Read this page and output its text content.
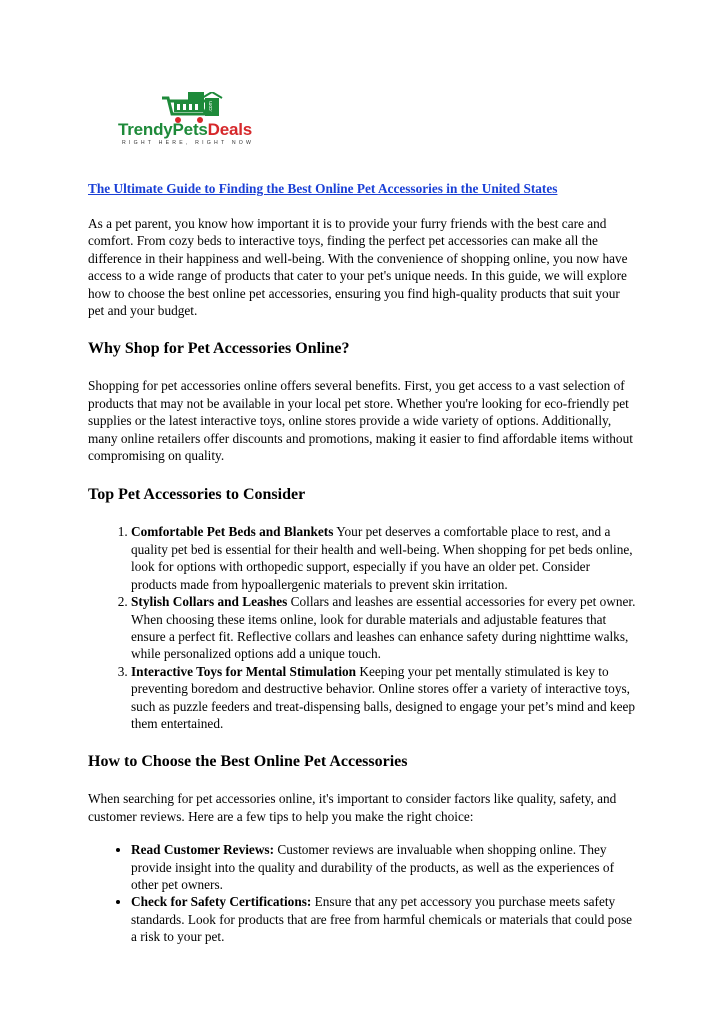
.com
TrendyPetsDeals
RIGHT HERE, RIGHT NOW
The Ultimate Guide to Finding the Best Online Pet Accessories in the United States

As a pet parent, you know how important it is to provide your furry friends with the best care and comfort. From cozy beds to interactive toys, finding the perfect pet accessories can make all the difference in their happiness and well-being. With the convenience of shopping online, you now have access to a wide range of products that cater to your pet's unique needs. In this guide, we will explore how to choose the best online pet accessories, ensuring you find high-quality products that suit your pet and your budget.

Why Shop for Pet Accessories Online?

Shopping for pet accessories online offers several benefits. First, you get access to a vast selection of products that may not be available in your local pet store. Whether you're looking for eco-friendly pet supplies or the latest interactive toys, online stores provide a wide variety of options. Additionally, many online retailers offer discounts and promotions, making it easier to find affordable items without compromising on quality.

Top Pet Accessories to Consider
1. Comfortable Pet Beds and Blankets Your pet deserves a comfortable place to rest, and a quality pet bed is essential for their health and well-being. When shopping for pet beds online, look for options with orthopedic support, especially if you have an older pet. Consider products made from hypoallergenic materials to prevent skin irritation.
2. Stylish Collars and Leashes Collars and leashes are essential accessories for every pet owner. When choosing these items online, look for durable materials and adjustable features that ensure a perfect fit. Reflective collars and leashes can enhance safety during nighttime walks, while personalized options add a unique touch.
3. Interactive Toys for Mental Stimulation Keeping your pet mentally stimulated is key to preventing boredom and destructive behavior. Online stores offer a variety of interactive toys, such as puzzle feeders and treat-dispensing balls, designed to engage your pet’s mind and keep them entertained.
How to Choose the Best Online Pet Accessories

When searching for pet accessories online, it's important to consider factors like quality, safety, and customer reviews. Here are a few tips to help you make the right choice:

• Read Customer Reviews: Customer reviews are invaluable when shopping online. They provide insight into the quality and durability of the products, as well as the experiences of other pet owners.
• Check for Safety Certifications: Ensure that any pet accessory you purchase meets safety standards. Look for products that are free from harmful chemicals or materials that could pose a risk to your pet.
